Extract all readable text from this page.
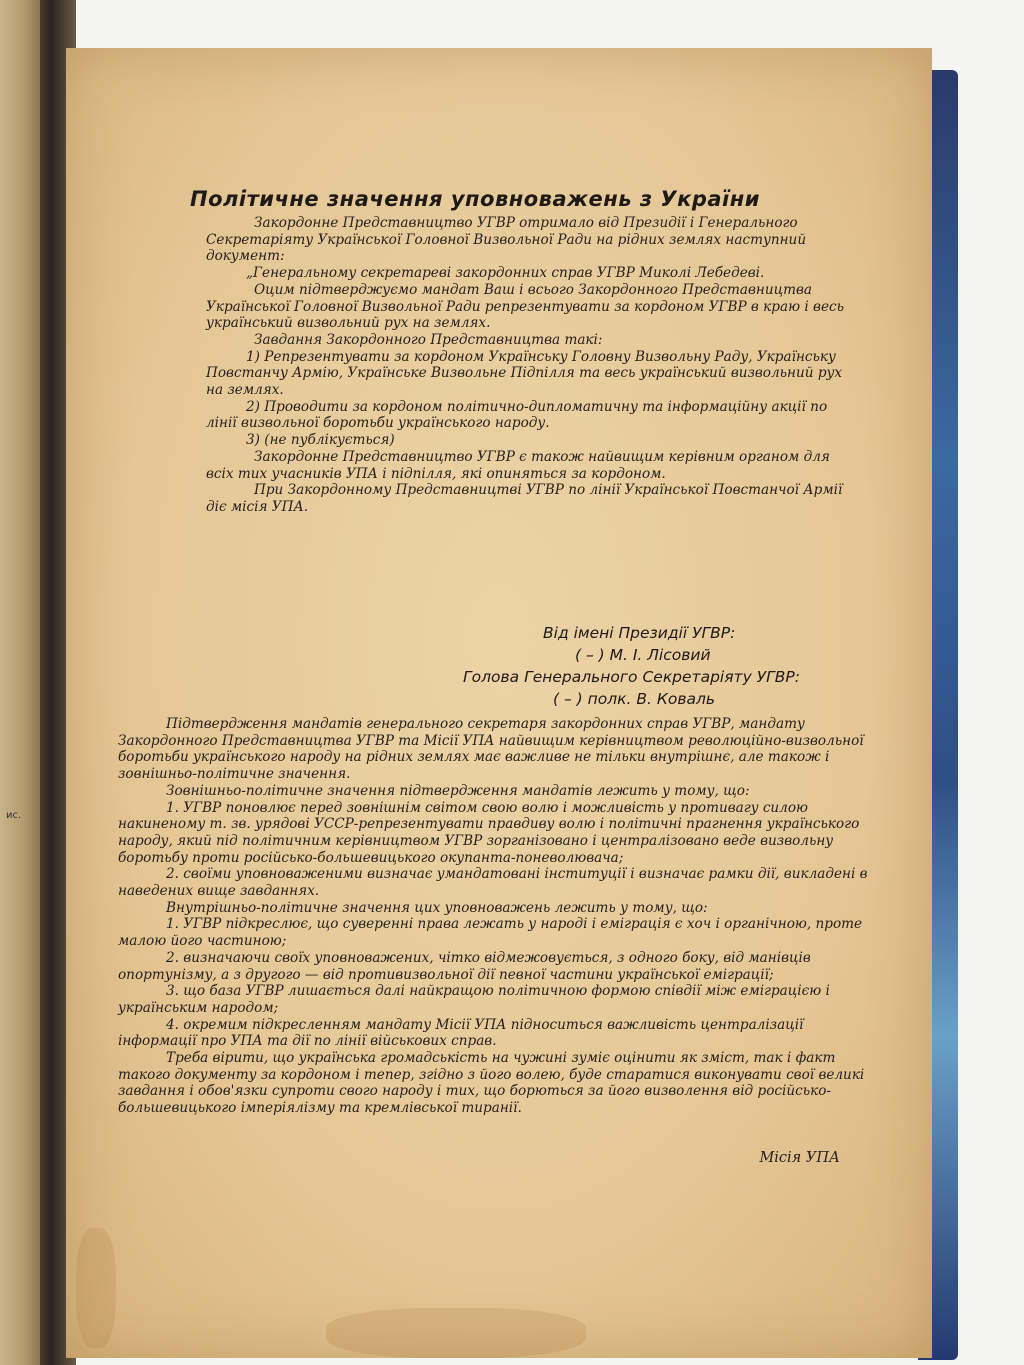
ис.
Політичне значення уповноважень з України

Закордонне Представництво УГВР отримало від Президії і Генерального Секретаріяту Української Головної Визвольної Ради на рідних землях наступний документ:

„Генеральному секретареві закордонних справ УГВР Миколі Лебедеві.

Оцим підтверджуємо мандат Ваш і всього Закордонного Представництва Української Головної Визвольної Ради репрезентувати за кордоном УГВР в краю і весь український визвольний рух на землях.

Завдання Закордонного Представництва такі:

1) Репрезентувати за кордоном Українську Головну Визвольну Раду, Українську Повстанчу Армію, Українське Визвольне Підпілля та весь український визвольний рух на землях.

2) Проводити за кордоном політично-дипломатичну та інформаційну акції по лінії визвольної боротьби українського народу.

3) (не публікується)

Закордонне Представництво УГВР є також найвищим керівним органом для всіх тих учасників УПА і підпілля, які опиняться за кордоном.

При Закордонному Представництві УГВР по лінії Української Повстанчої Армії діє місія УПА.

Від імені Президії УГВР:
( – ) М. І. Лісовий
Голова Генерального Секретаріяту УГВР:
( – ) полк. В. Коваль

Підтвердження мандатів генерального секретаря закордонних справ УГВР, мандату Закордонного Представництва УГВР та Місії УПА найвищим керівництвом революційно-визвольної боротьби українського народу на рідних землях має важливе не тільки внутрішнє, але також і зовнішньо-політичне значення.

Зовнішньо-політичне значення підтвердження мандатів лежить у тому, що:

1. УГВР поновлює перед зовнішнім світом свою волю і можливість у противагу силою накиненому т. зв. урядові УССР-репрезентувати правдиву волю і політичні прагнення українського народу, який під політичним керівництвом УГВР зорганізовано і централізовано веде визвольну боротьбу проти російсько-большевицького окупанта-поневолювача;

2. своїми уповноваженими визначає умандатовані інституції і визначає рамки дії, викладені в наведених вище завданнях.

Внутрішньо-політичне значення цих уповноважень лежить у тому, що:

1. УГВР підкреслює, що суверенні права лежать у народі і еміграція є хоч і органічною, проте малою його частиною;

2. визначаючи своїх уповноважених, чітко відмежовується, з одного боку, від манівців опортунізму, а з другого — від противизвольної дії певної частини української еміграції;

3. що база УГВР лишається далі найкращою політичною формою співдії між еміграцією і українським народом;

4. окремим підкресленням мандату Місії УПА підноситься важливість централізації інформації про УПА та дії по лінії військових справ.

Треба вірити, що українська громадськість на чужині зуміє оцінити як зміст, так і факт такого документу за кордоном і тепер, згідно з його волею, буде старатися виконувати свої великі завдання і обов'язки супроти свого народу і тих, що борються за його визволення від російсько-большевицького імперіялізму та кремлівської тиранії.

Місія УПА
